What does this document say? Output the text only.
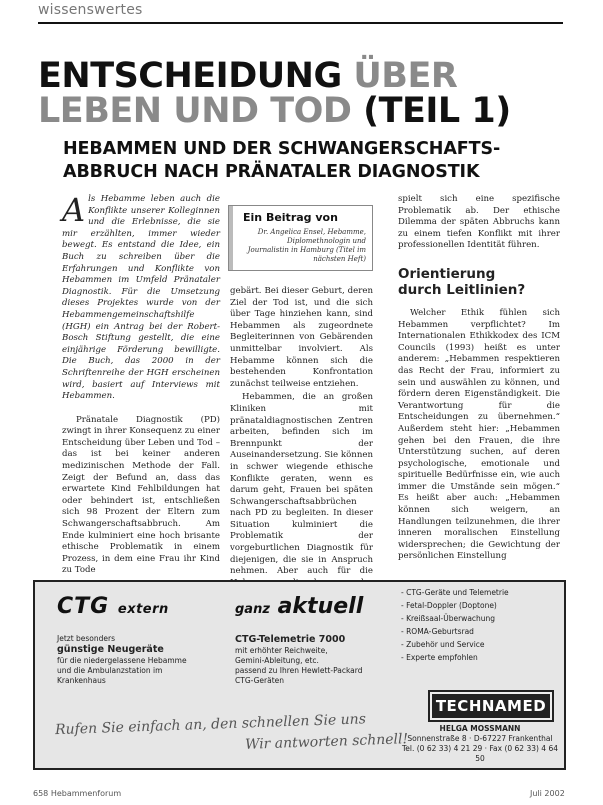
wissenswertes
ENTSCHEIDUNG ÜBER
LEBEN UND TOD (TEIL 1)
HEBAMMEN UND DER SCHWANGERSCHAFTS-
ABBRUCH NACH PRÄNATALER DIAGNOSTIK

Als Hebamme leben auch die Konflikte unserer Kolleginnen und die Erlebnisse, die sie mir erzählten, immer wieder bewegt. Es entstand die Idee, ein Buch zu schreiben über die Erfahrungen und Konflikte von Hebammen im Umfeld Pränataler Diagnostik. Für die Umsetzung dieses Projektes wurde von der Hebammengemeinschaftshilfe (HGH) ein Antrag bei der Robert-Bosch Stiftung gestellt, die eine einjährige Förderung bewilligte. Die Buch, das 2000 in der Schriftenreihe der HGH erscheinen wird, basiert auf Interviews mit Hebammen.

Pränatale Diagnostik (PD) zwingt in ihrer Konsequenz zu einer Entscheidung über Leben und Tod – das ist bei keiner anderen medizinischen Methode der Fall. Zeigt der Befund an, dass das erwartete Kind Fehlbildungen hat oder behindert ist, entschließen sich 98 Prozent der Eltern zum Schwangerschaftsabbruch. Am Ende kulminiert eine hoch brisante ethische Problematik in einem Prozess, in dem eine Frau ihr Kind zu Tode

Ein Beitrag von
Dr. Angelica Ensel, Hebamme, Diplomethnologin und Journalistin in Hamburg (Titel im nächsten Heft)

gebärt. Bei dieser Geburt, deren Ziel der Tod ist, und die sich über Tage hinziehen kann, sind Hebammen als zugeordnete Begleiterinnen von Gebärenden unmittelbar involviert. Als Hebamme können sich die bestehenden Konfrontation zunächst teilweise entziehen.

Hebammen, die an großen Kliniken mit pränataldiagnostischen Zentren arbeiten, befinden sich im Brennpunkt der Auseinandersetzung. Sie können in schwer wiegende ethische Konflikte geraten, wenn es darum geht, Frauen bei späten Schwangerschaftsabbrüchen nach PD zu begleiten. In dieser Situation kulminiert die Problematik der vorgeburtlichen Diagnostik für diejenigen, die sie in Anspruch nehmen. Aber auch für die

spielt sich eine spezifische Problematik ab. Der ethische Dilemma der späten Abbruchs kann zu einem tiefen Konflikt mit ihrer professionellen Identität führen.

Orientierung
durch Leitlinien?

Welcher Ethik fühlen sich Hebammen verpflichtet? Im Internationalen Ethikkodex des ICM Councils (1993) heißt es unter anderem: „Hebammen respektieren das Recht der Frau, informiert zu sein und auswählen zu können, und fördern deren Eigenständigkeit. Die Verantwortung für die Entscheidungen zu übernehmen.“ Außerdem steht hier: „Hebammen gehen bei den Frauen, die ihre Unterstützung suchen, auf deren psychologische, emotionale und spirituelle Bedürfnisse ein, wie auch immer die Umstände sein mögen.“ Es heißt aber auch: „Hebammen können sich weigern, an Handlungen teilzunehmen, die ihrer inneren moralischen Einstellung widersprechen; die Gewichtung der persönlichen Einstellung

CTG extern	ganz aktuell
Jetzt besonders
günstige Neugeräte
für die niedergelassene Hebamme
und die Ambulanzstation im
Krankenhaus
CTG-Telemetrie 7000
mit erhöhter Reichweite,
Gemini-Ableitung, etc.
passend zu Ihren Hewlett-Packard
CTG-Geräten
- CTG-Geräte und Telemetrie
- Fetal-Doppler (Doptone)
- Kreißsaal-Überwachung
- ROMA-Geburtsrad
- Zubehör und Service
- Experte empfohlen
TECHNAMED
HELGA MOSSMANN
Sonnenstraße 8 · D-67227 Frankenthal
Tel. (0 62 33) 4 21 29 · Fax (0 62 33) 4 64 50
Rufen Sie einfach an, den schnellen Sie uns
Wir antworten schnell!
658 Hebammenforum	Juli 2002
